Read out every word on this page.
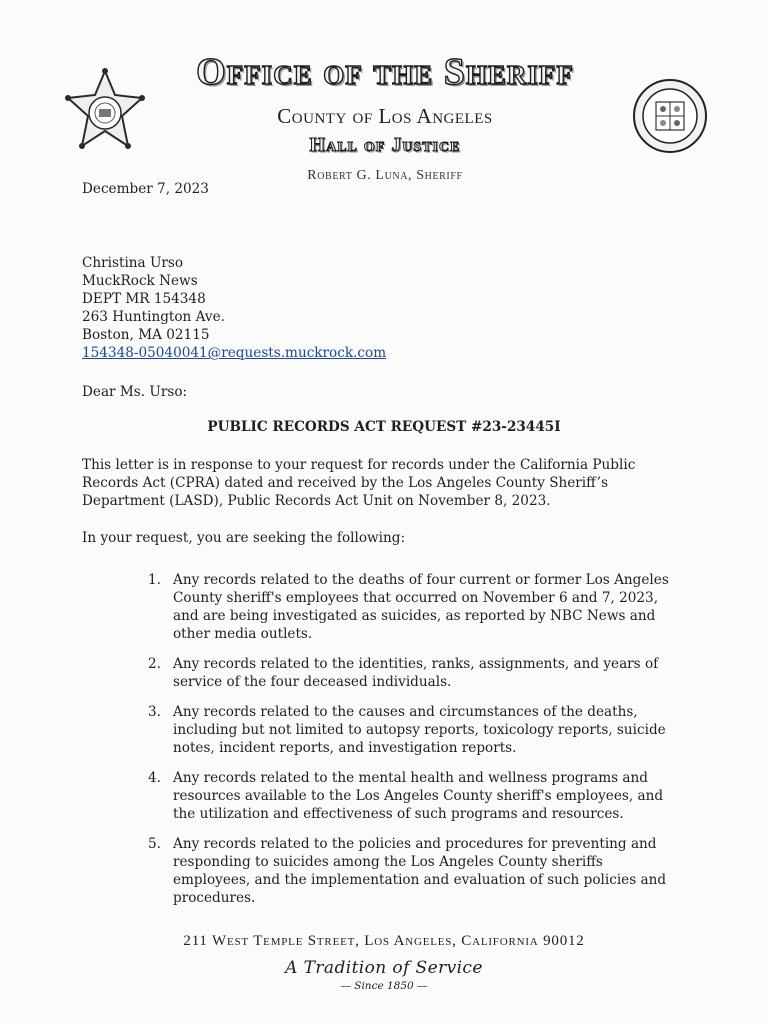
Office of the Sheriff
County of Los Angeles
Hall of Justice
Robert G. Luna, Sheriff
December 7, 2023
Christina Urso
MuckRock News
DEPT MR 154348
263 Huntington Ave.
Boston, MA 02115
154348-05040041@requests.muckrock.com
Dear Ms. Urso:
PUBLIC RECORDS ACT REQUEST #23-23445I
This letter is in response to your request for records under the California Public Records Act (CPRA) dated and received by the Los Angeles County Sheriff’s Department (LASD), Public Records Act Unit on November 8, 2023.
In your request, you are seeking the following:
1. Any records related to the deaths of four current or former Los Angeles County sheriff's employees that occurred on November 6 and 7, 2023, and are being investigated as suicides, as reported by NBC News and other media outlets.
2. Any records related to the identities, ranks, assignments, and years of service of the four deceased individuals.
3. Any records related to the causes and circumstances of the deaths, including but not limited to autopsy reports, toxicology reports, suicide notes, incident reports, and investigation reports.
4. Any records related to the mental health and wellness programs and resources available to the Los Angeles County sheriff's employees, and the utilization and effectiveness of such programs and resources.
5. Any records related to the policies and procedures for preventing and responding to suicides among the Los Angeles County sheriffs employees, and the implementation and evaluation of such policies and procedures.
211 West Temple Street, Los Angeles, California 90012
A Tradition of Service
— Since 1850 —
